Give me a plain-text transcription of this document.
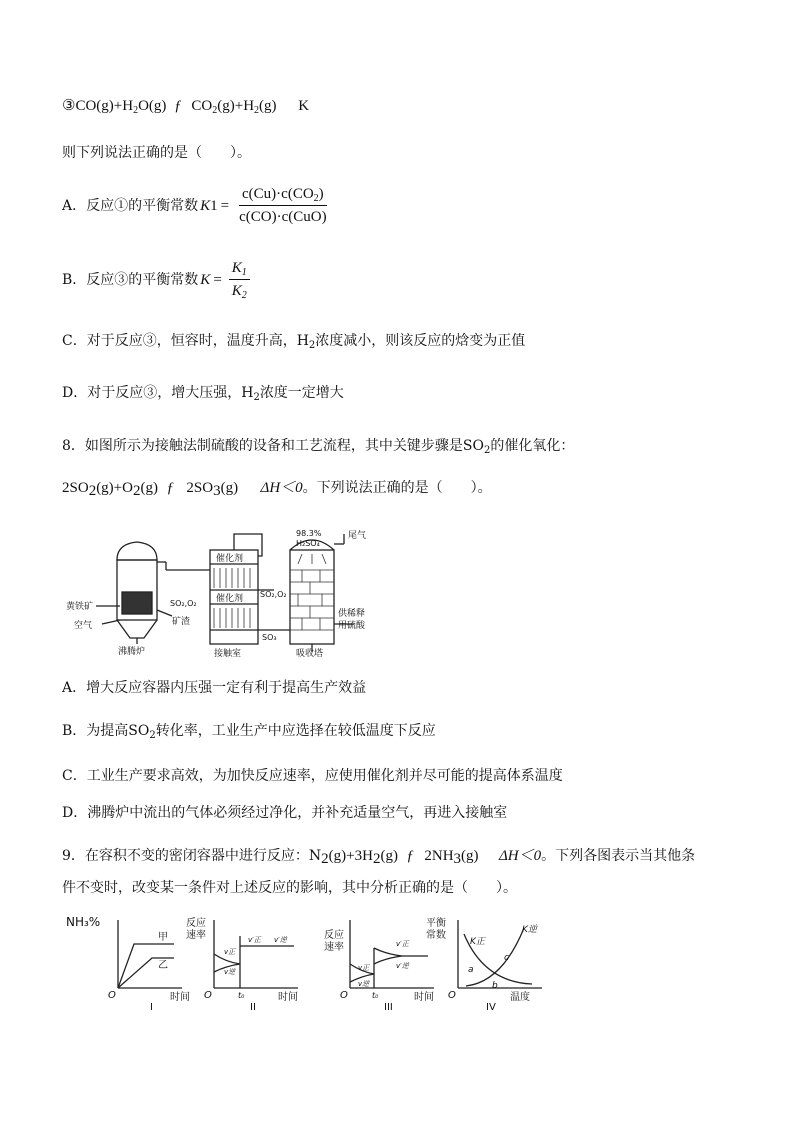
$③CO(g)+H_2O(g)$ ƒ $CO_2(g)+H_2(g)$ K
则下列说法正确的是（　　）。
A．反应①的平衡常数 K $1 = \frac{c(Cu)\cdot c(CO_2)}{\text{c(CO)·c(CuO)}}$
B．反应③的平衡常数 $K = \frac{K_1}{K_2}$
C．对于反应③，恒容时，温度升高，$H_2$浓度减小，则该反应的焓变为正值
D．对于反应③，增大压强，$H_2$浓度一定增大
8．如图所示为接触法制硫酸的设备和工艺流程，其中关键步骤是$SO_2$的催化氧化：
$2SO_2(g)+O_2(g)$ ƒ $2SO_3(g)$ ΔH＜0。下列说法正确的是（　　）。
黄铁矿
空气
沸腾炉
SO₂,O₂
矿渣
催化剂
催化剂 SO₂,O₂
SO₃
接触室
98.3%
H₂SO₄
尾气
供稀释
用硫酸
吸收塔
A．增大反应容器内压强一定有利于提高生产效益
B．为提高$SO_2$转化率，工业生产中应选择在较低温度下反应
C．工业生产要求高效，为加快反应速率，应使用催化剂并尽可能的提高体系温度
D．沸腾炉中流出的气体必须经过净化，并补充适量空气，再进入接触室
9．在容积不变的密闭容器中进行反应：$N_2(g)+3H_2(g)$ ƒ $2NH_3(g)$ ΔH＜0。下列各图表示当其他条
件不变时，改变某一条件对上述反应的影响，其中分析正确的是（　　）。
NH₃%
甲
乙
O	时间
I
反应
速率
v正
v逆
v′正 v′逆
O	t₀	时间
II
反应
速率
v正
v逆
v′正
v′逆
O	t₀	时间
III
平衡
常数
K正
K逆
a
b
c
O	温度
IV
